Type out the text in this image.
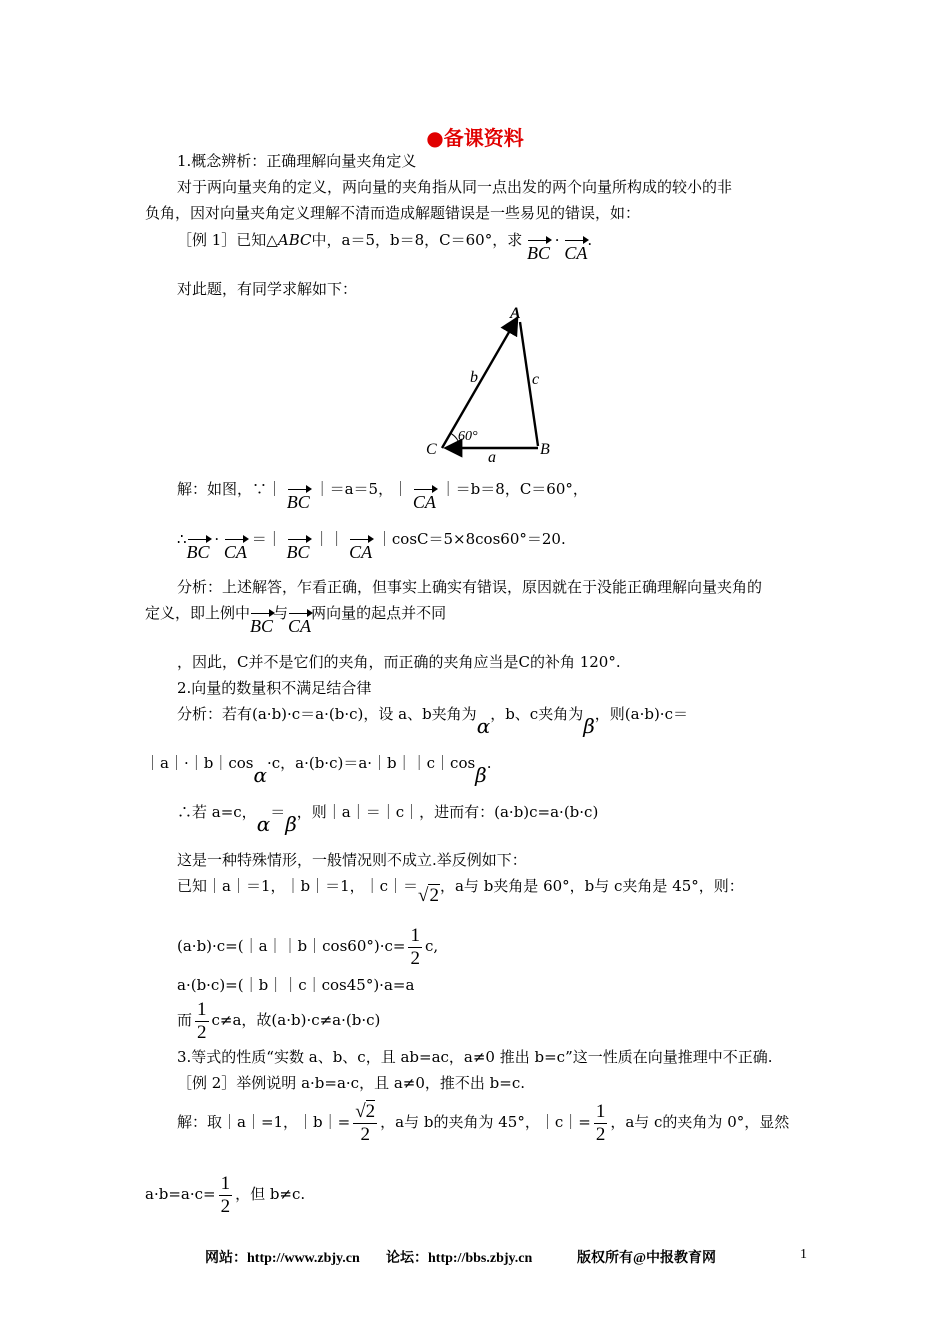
●备课资料
1.概念辨析：正确理解向量夹角定义
对于两向量夹角的定义，两向量的夹角指从同一点出发的两个向量所构成的较小的非
负角，因对向量夹角定义理解不清而造成解题错误是一些易见的错误，如：
［例 1］已知△ABC中，a＝5，b＝8，C＝60°，求 BC · CA.
对此题，有同学求解如下：
A
B
C	a
b	c
60°
解：如图，∵｜ BC ｜＝a＝5，｜ CA ｜＝b＝8，C＝60°，
∴BC · CA ＝｜ BC ｜｜ CA ｜cosC＝5×8cos60°＝20.
分析：上述解答，乍看正确，但事实上确实有错误，原因就在于没能正确理解向量夹角的
定义，即上例中BC与CA两向量的起点并不同
，因此，C并不是它们的夹角，而正确的夹角应当是C的补角 120°.
2.向量的数量积不满足结合律
分析：若有(a·b)·c＝a·(b·c)，设 a、b夹角为α，b、c夹角为β，则(a·b)·c＝
｜a｜·｜b｜cosα·c，a·(b·c)＝a·｜b｜｜c｜cosβ.
∴若 a=c，α＝β，则｜a｜＝｜c｜，进而有：(a·b)c=a·(b·c)
这是一种特殊情形，一般情况则不成立.举反例如下：
已知｜a｜＝1，｜b｜＝1，｜c｜＝√2，a与 b夹角是 60°，b与 c夹角是 45°，则：
(a·b)·c=(｜a｜｜b｜cos60°)·c= $\frac{1}{2} c$,
a·(b·c)=(｜b｜｜c｜cos45°)·a=a
而 $\frac{1}{2} c\ne a$，故(a·b)·c≠a·(b·c)
3.等式的性质“实数 a、b、c，且 ab=ac，a≠0 推出 b=c”这一性质在向量推理中不正确.
［例 2］举例说明 a·b=a·c，且 a≠0，推不出 b=c.
解：取｜a｜=1，｜b｜= $\frac{√2}{2}$ ，a与 b的夹角为 45°，｜c｜= $\frac{1}{2}$ ，a与 c的夹角为 0°，显然
$a\cdot b=a\cdot c= \frac{1}{2}$ ，但 b≠c.
网站：http://www.zbjy.cn 论坛：http://bbs.zbjy.cn	版权所有@中报教育网	1
